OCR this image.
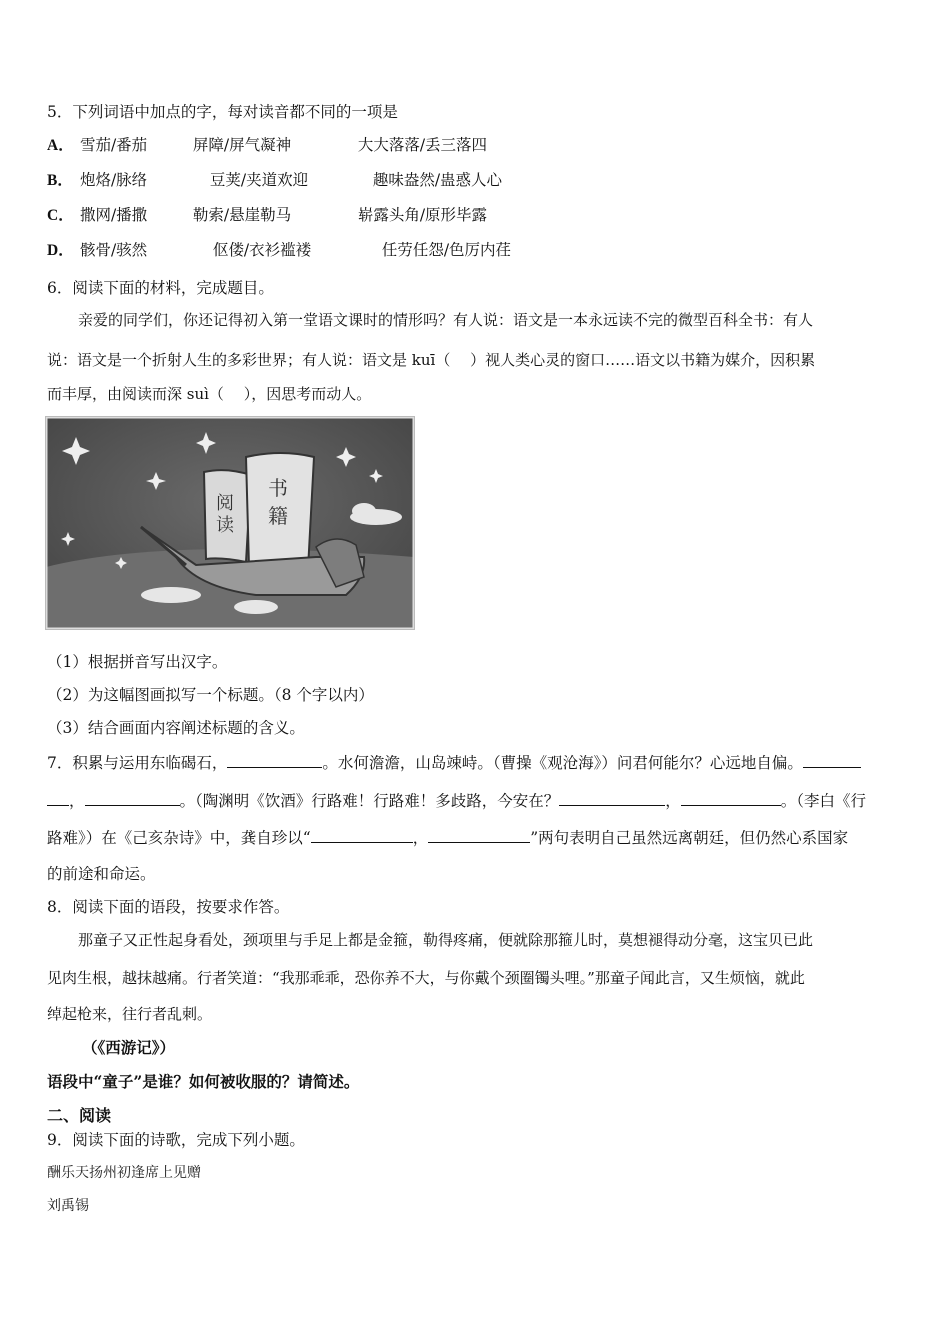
5．下列词语中加点的字，每对读音都不同的一项是
A． 雪茄/番茄	屏障/屏气凝神	大大落落/丢三落四
B． 炮烙/脉络	豆荚/夹道欢迎	趣味盎然/蛊惑人心
C． 撒网/播撒	勒索/悬崖勒马	崭露头角/原形毕露
D． 骸骨/骇然	伛偻/衣衫褴褛	任劳任怨/色厉内荏
6．阅读下面的材料，完成题目。
亲爱的同学们，你还记得初入第一堂语文课时的情形吗？有人说：语文是一本永远读不完的微型百科全书：有人
说：语文是一个折射人生的多彩世界；有人说：语文是 kuī（　 ）视人类心灵的窗口……语文以书籍为媒介，因积累
而丰厚，由阅读而深 suì（　 ），因思考而动人。
阅读
书籍
（1）根据拼音写出汉字。
（2）为这幅图画拟写一个标题。（8 个字以内）
（3）结合画面内容阐述标题的含义。
7．积累与运用东临碣石，	。水何澹澹，山岛竦峙。（曹操《观沧海》）问君何能尔？心远地自偏。
，	。（陶渊明《饮酒》行路难！行路难！多歧路，今安在？	，	。（李白《行
路难》）在《己亥杂诗》中，龚自珍以“	，	”两句表明自己虽然远离朝廷，但仍然心系国家
的前途和命运。
8．阅读下面的语段，按要求作答。
那童子又正性起身看处，颈项里与手足上都是金箍，勒得疼痛，便就除那箍儿时，莫想褪得动分毫，这宝贝已此
见肉生根，越抹越痛。行者笑道：“我那乖乖，恐你养不大，与你戴个颈圈镯头哩。”那童子闻此言，又生烦恼，就此
绰起枪来，往行者乱刺。
（《西游记》）
语段中“童子”是谁？如何被收服的？请简述。
二、阅读
9．阅读下面的诗歌，完成下列小题。
酬乐天扬州初逢席上见赠
刘禹锡
